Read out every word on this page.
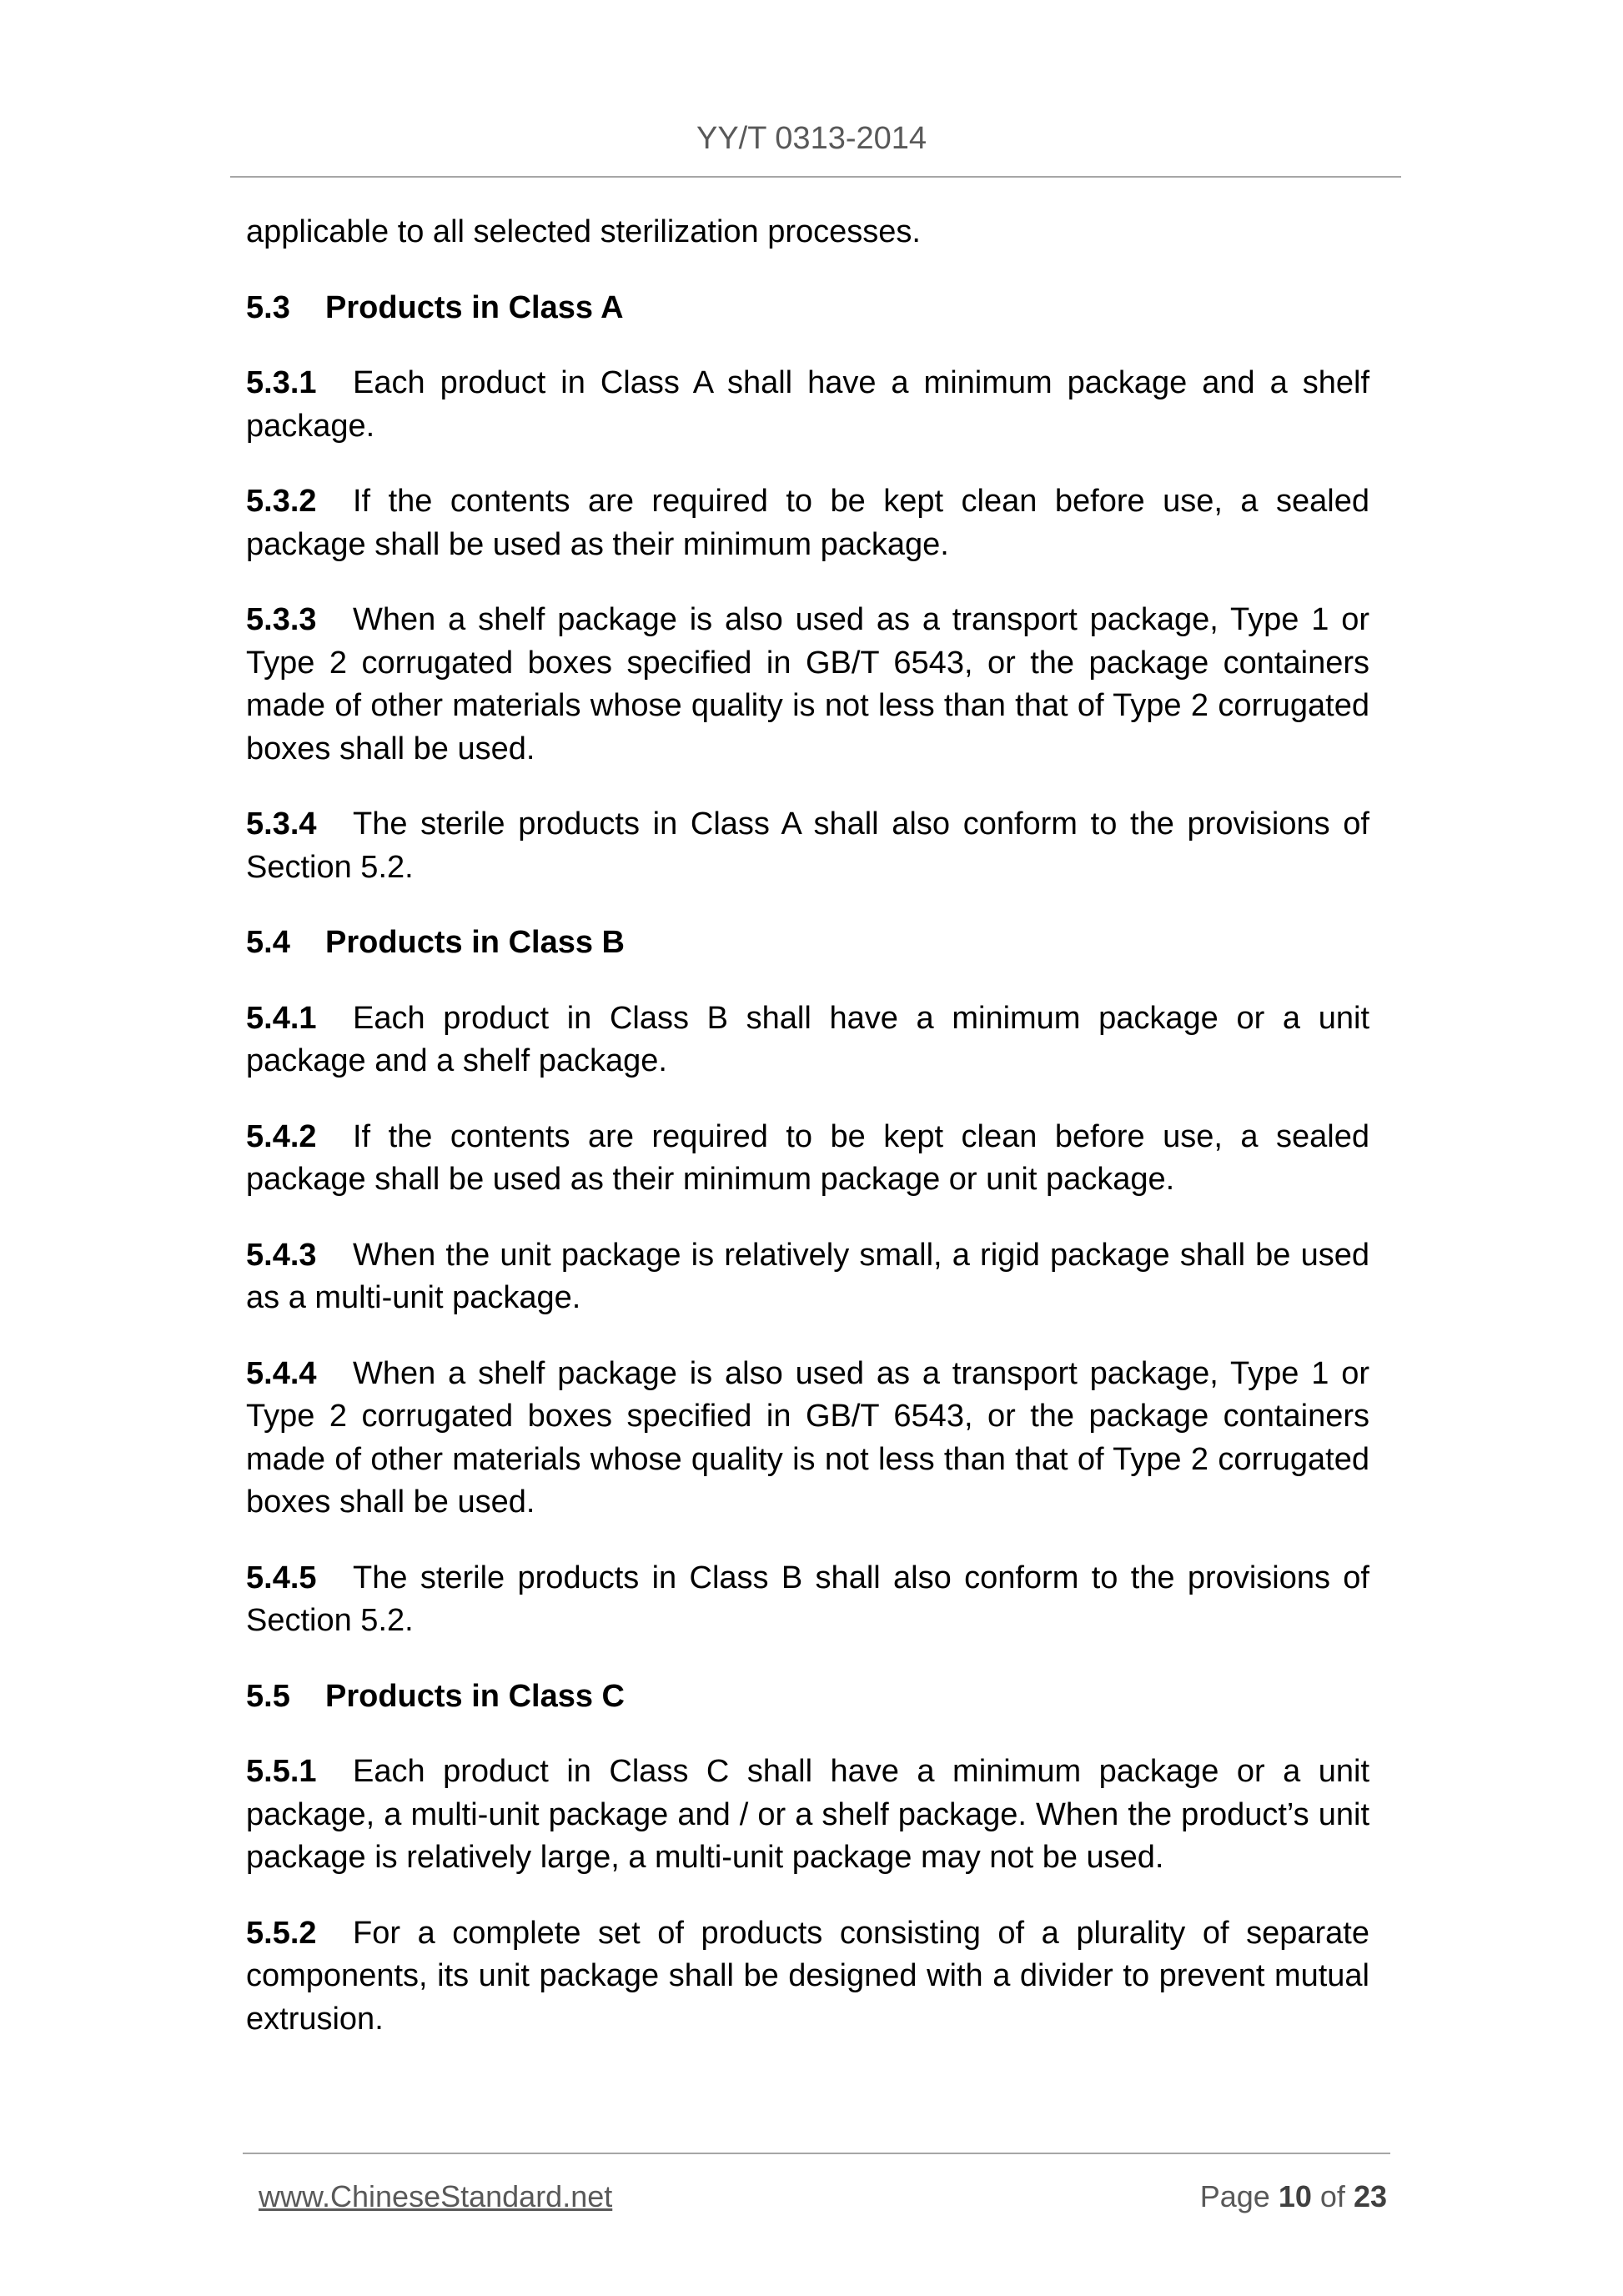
YY/T 0313-2014

applicable to all selected sterilization processes.

5.3 Products in Class A

5.3.1 Each product in Class A shall have a minimum package and a shelf package.

5.3.2 If the contents are required to be kept clean before use, a sealed package shall be used as their minimum package.

5.3.3 When a shelf package is also used as a transport package, Type 1 or Type 2 corrugated boxes specified in GB/T 6543, or the package containers made of other materials whose quality is not less than that of Type 2 corrugated boxes shall be used.

5.3.4 The sterile products in Class A shall also conform to the provisions of Section 5.2.

5.4 Products in Class B

5.4.1 Each product in Class B shall have a minimum package or a unit package and a shelf package.

5.4.2 If the contents are required to be kept clean before use, a sealed package shall be used as their minimum package or unit package.

5.4.3 When the unit package is relatively small, a rigid package shall be used as a multi-unit package.

5.4.4 When a shelf package is also used as a transport package, Type 1 or Type 2 corrugated boxes specified in GB/T 6543, or the package containers made of other materials whose quality is not less than that of Type 2 corrugated boxes shall be used.

5.4.5 The sterile products in Class B shall also conform to the provisions of Section 5.2.

5.5 Products in Class C

5.5.1 Each product in Class C shall have a minimum package or a unit package, a multi-unit package and / or a shelf package. When the product’s unit package is relatively large, a multi-unit package may not be used.

5.5.2 For a complete set of products consisting of a plurality of separate components, its unit package shall be designed with a divider to prevent mutual extrusion.

www.ChineseStandard.net	Page 10 of 23
